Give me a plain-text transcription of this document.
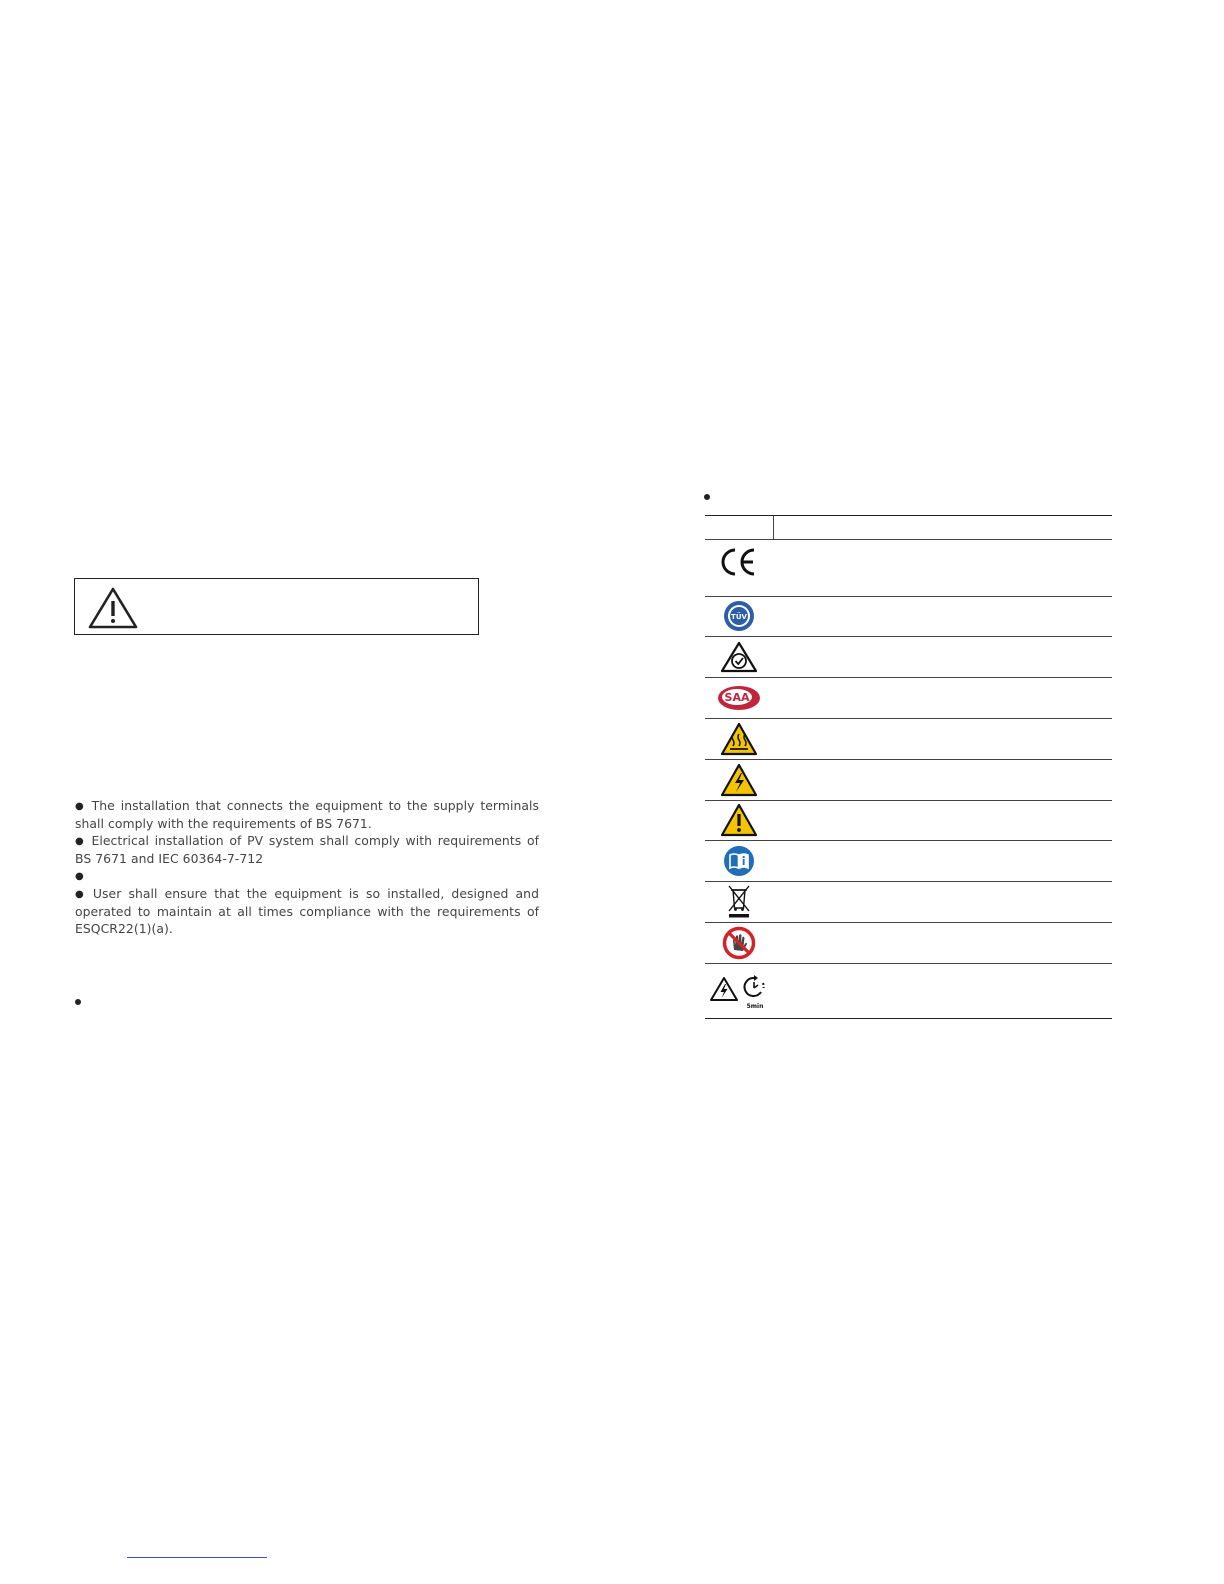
● The installation that connects the equipment to the supply terminals shall comply with the requirements of BS 7671.

● Electrical installation of PV system shall comply with requirements of BS 7671 and IEC 60364-7-712

●

● User shall ensure that the equipment is so installed, designed and operated to maintain at all times compliance with the requirements of ESQCR22(1)(a).

TÜV
SAA
5min
